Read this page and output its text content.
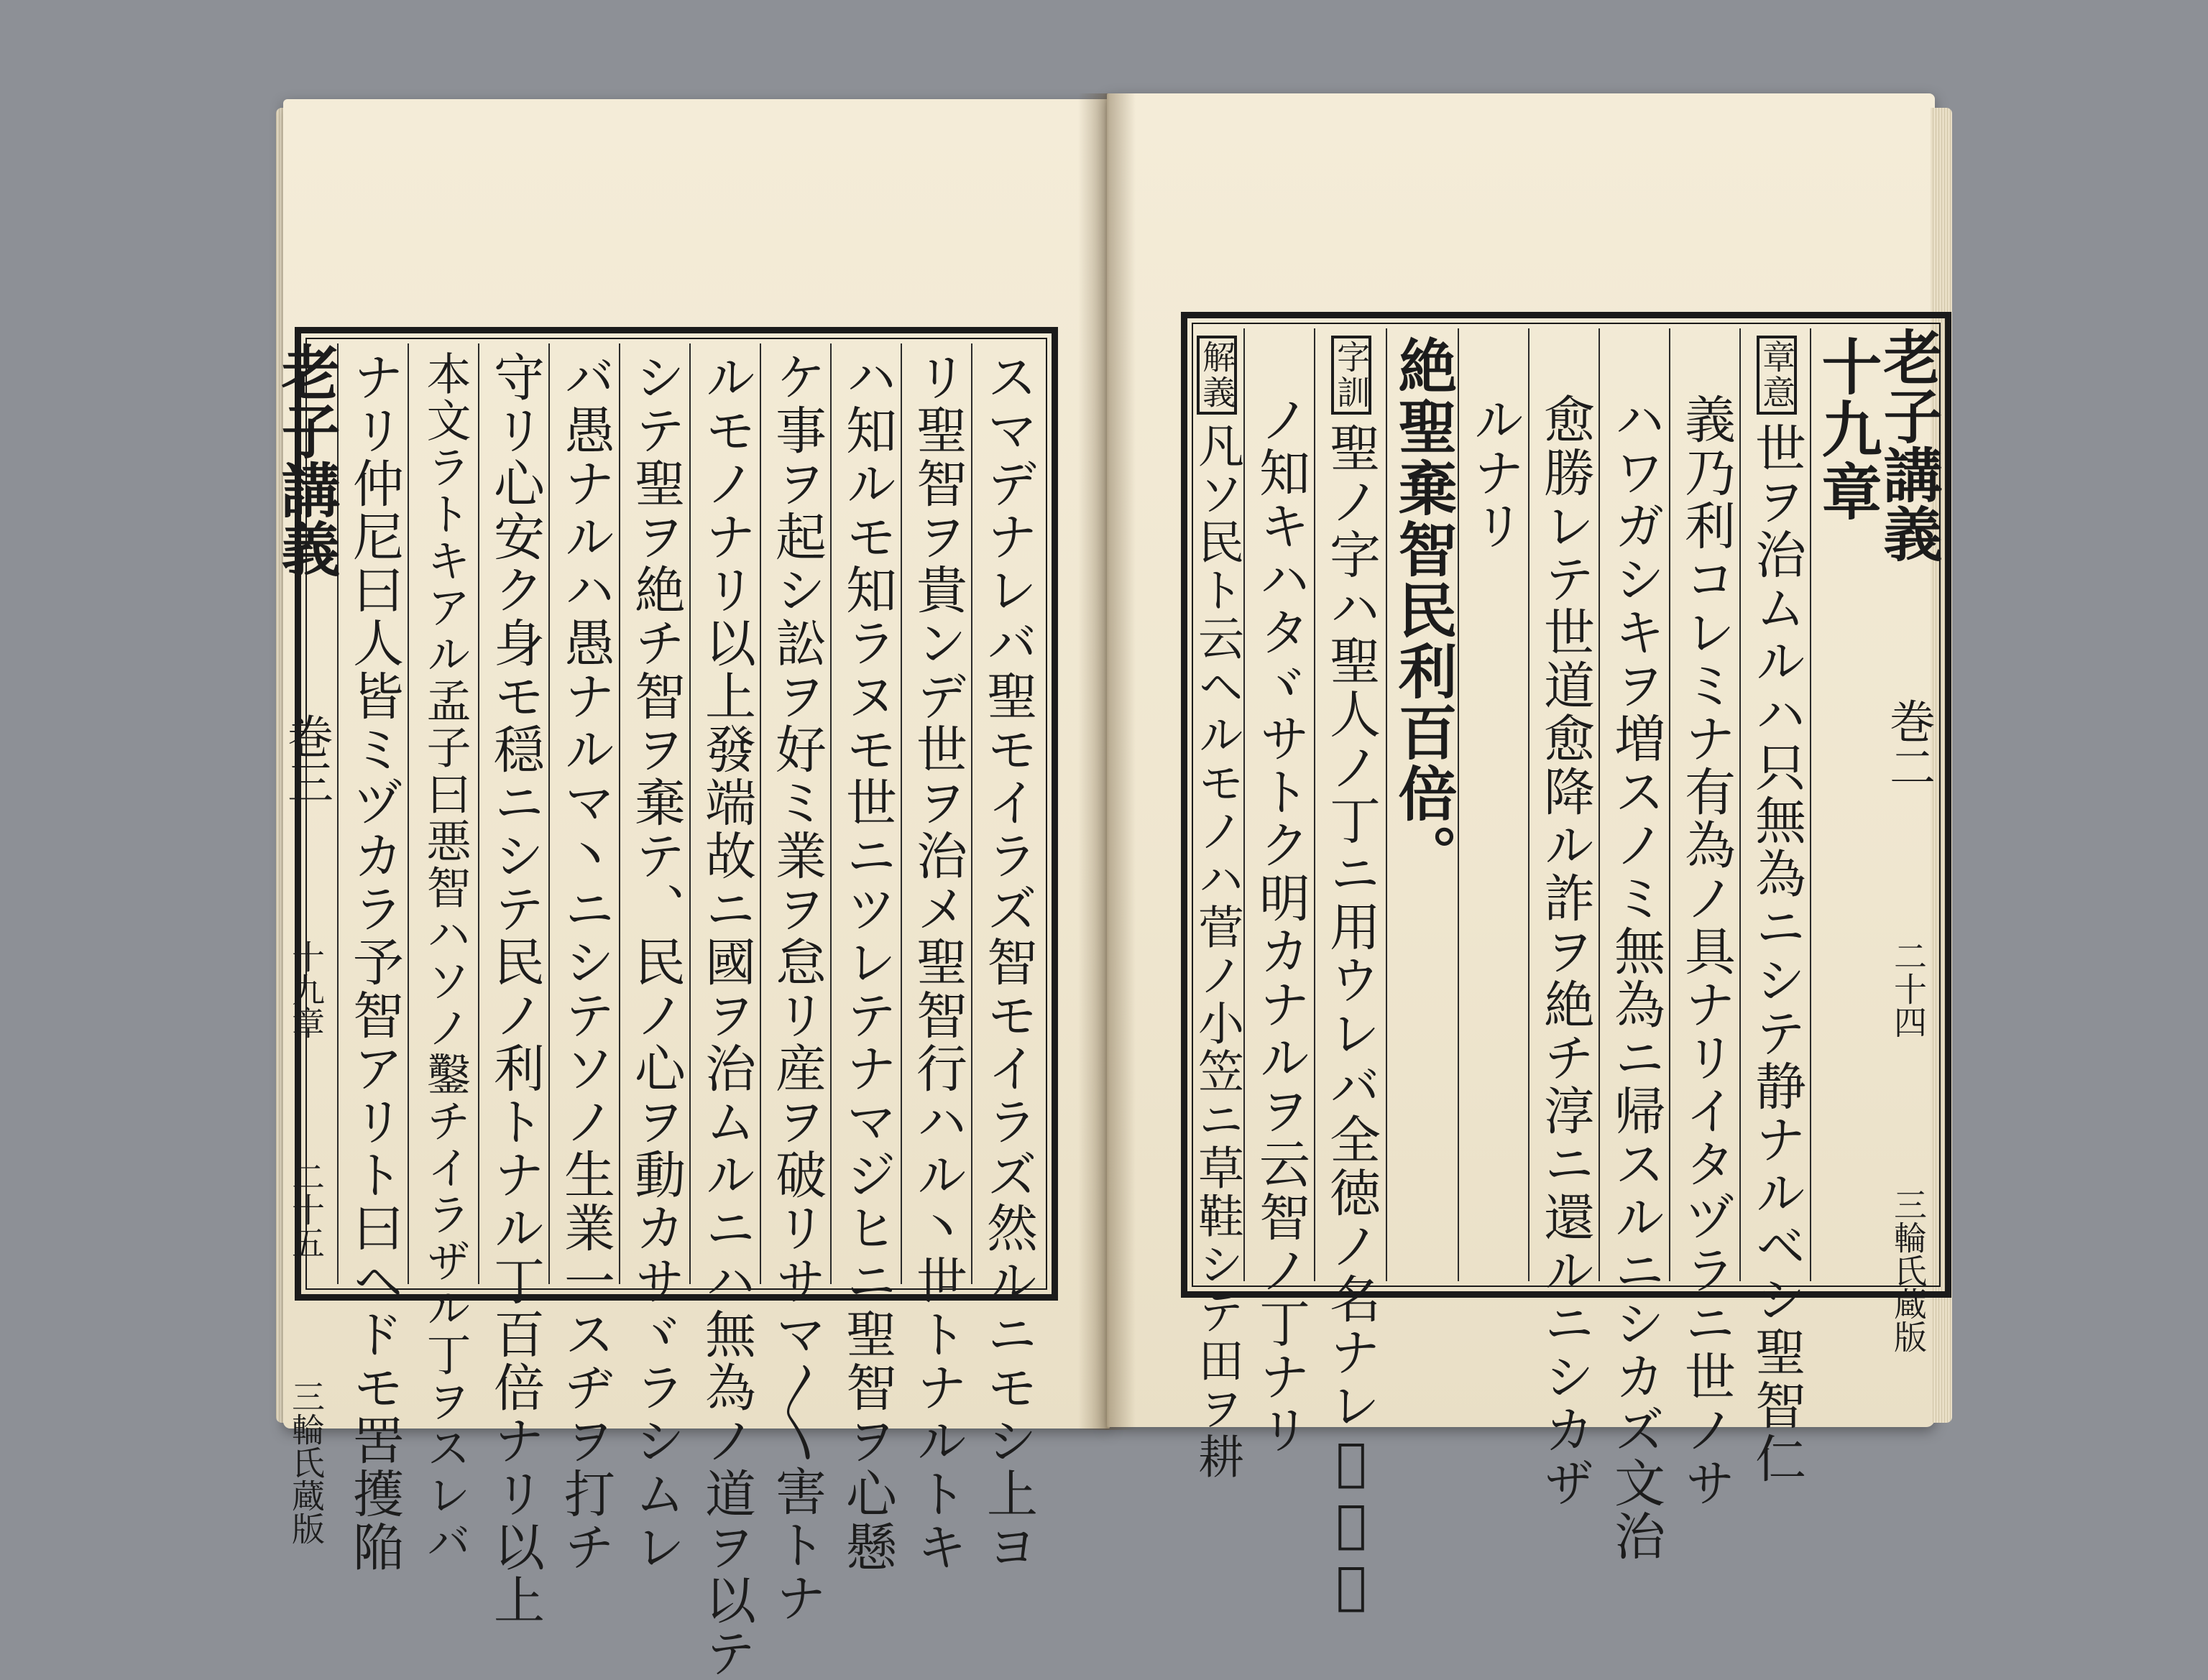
スマデナレバ聖モイラズ智モイラズ然ルニモシ上ヨ
リ聖智ヲ貴ンデ世ヲ治メ聖智行ハル丶世トナルトキ
ハ知ルモ知ラヌモ世ニツレテナマジヒニ聖智ヲ心懸
ケ事ヲ起シ訟ヲ好ミ業ヲ怠リ産ヲ破リサマ〳〵害トナ
ルモノナリ以上發端故ニ國ヲ治ムルニハ無為ノ道ヲ以テ
シテ聖ヲ絶チ智ヲ棄テ、民ノ心ヲ動カサヾラシムレ
バ愚ナルハ愚ナルマ丶ニシテソノ生業一スヂヲ打チ
守リ心安ク身モ穏ニシテ民ノ利トナル丁百倍ナリ以上
本文ラトキアル孟子曰悪智ハソノ鑿チイラザル丁ヲスレバ
ナリ仲尼曰人皆ミヅカラ予智アリト曰ヘドモ罟擭陥
老子講義  巻三  十九章  二十五  三輪氏蔵版
老子講義  巻二  二十四  三輪氏蔵版
十九章
章意
世ヲ治ムルハ只無為ニシテ静ナルベシ聖智仁
義乃利コレミナ有為ノ具ナリイタヅラニ世ノサ
ハワガシキヲ増スノミ無為ニ帰スルニシカズ文治
愈勝レテ世道愈降ル詐ヲ絶チ淳ニ還ルニシカザ
ルナリ
絶聖棄智民利百倍。
字訓
聖ノ字ハ聖人ノ丁ニ用ウレバ全徳ノ名ナレ𪜈本文
ノ知キハタヾサトク明カナルヲ云智ノ丁ナリ
解義
凡ソ民ト云ヘルモノハ菅ノ小笠ニ草鞋シテ田ヲ耕
